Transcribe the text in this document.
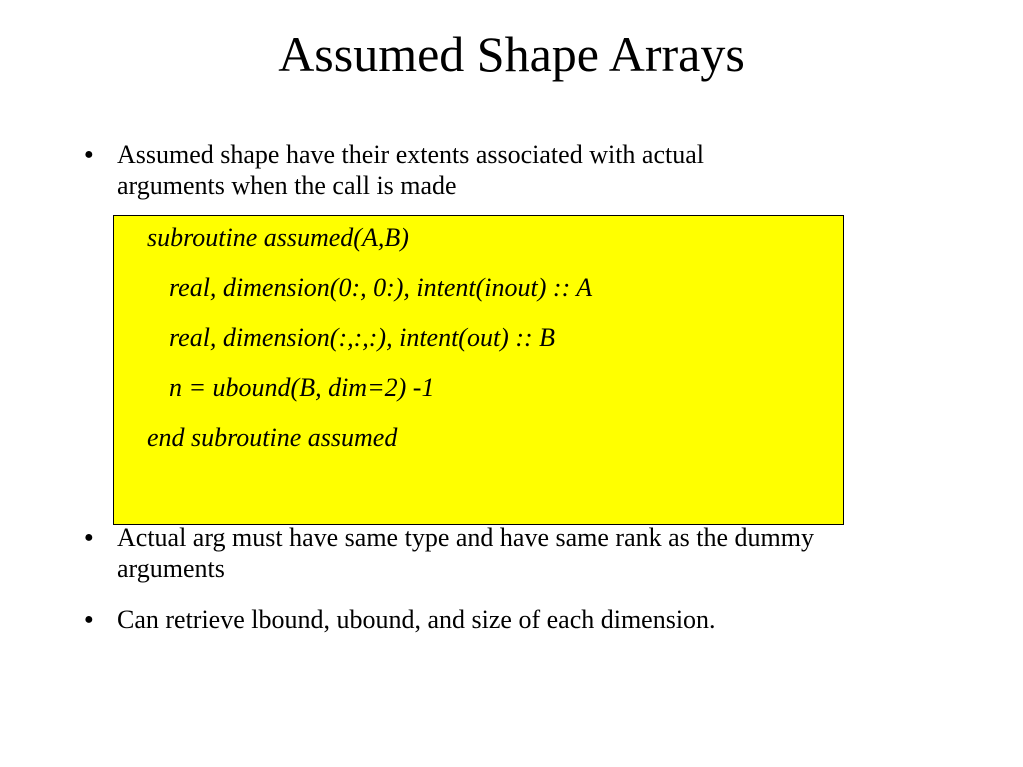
Assumed Shape Arrays
● Assumed shape have their extents associated with actual
arguments when the call is made
subroutine assumed(A,B)
real, dimension(0:, 0:), intent(inout) :: A
real, dimension(:,:,:), intent(out) :: B
n = ubound(B, dim=2) -1
end subroutine assumed
● Actual arg must have same type and have same rank as the dummy
arguments
● Can retrieve lbound, ubound, and size of each dimension.
